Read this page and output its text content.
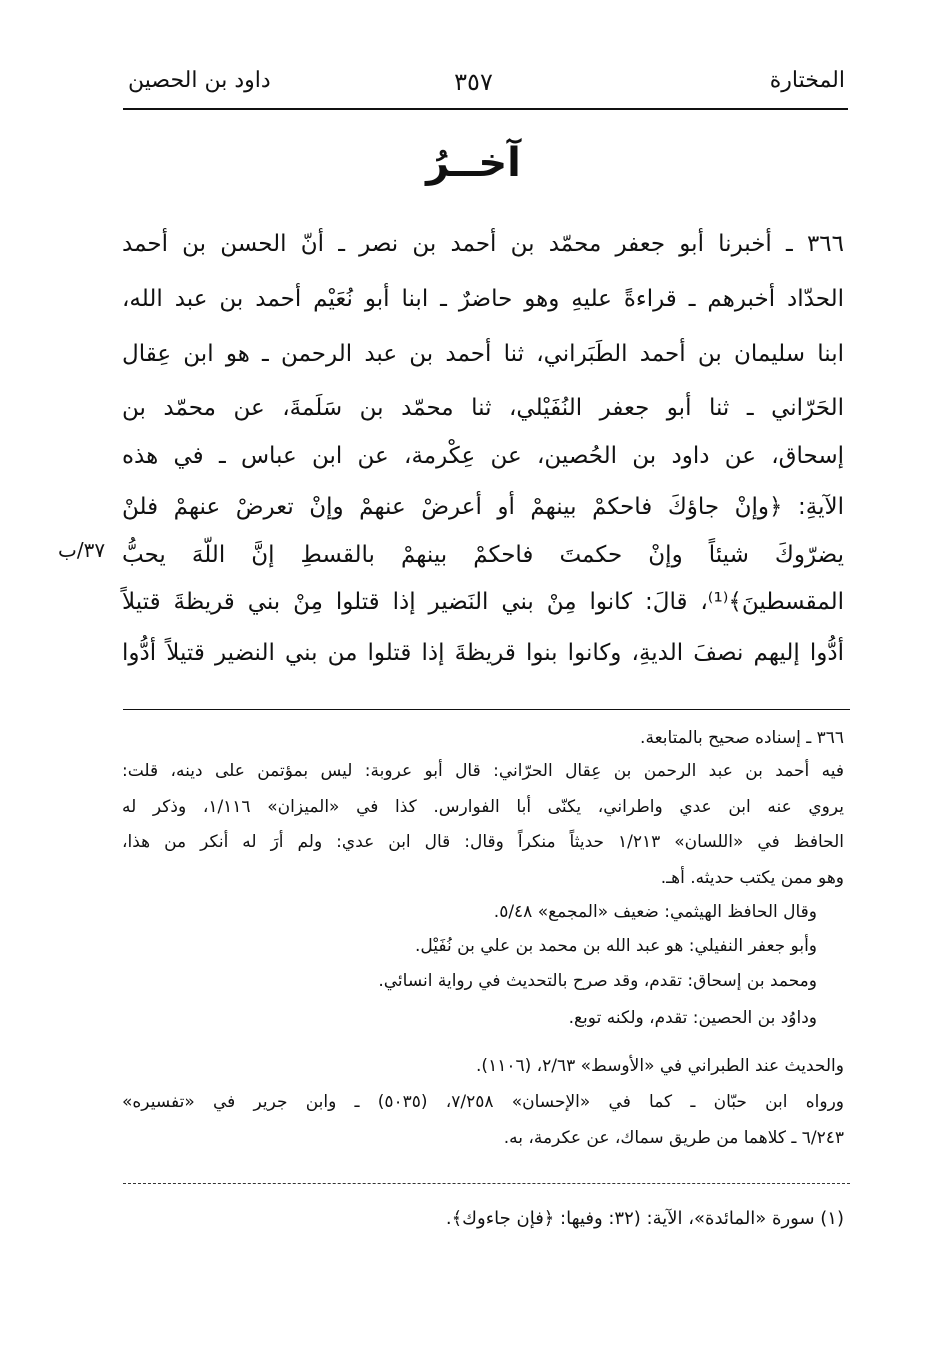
المختارة
٣٥٧
داود بن الحصين
آخــرُ
٣٦٦ ـ أخبرنا أبو جعفر محمّد بن أحمد بن نصر ـ أنّ الحسن بن أحمد
الحدّاد أخبرهم ـ قراءةً عليهِ وهو حاضرٌ ـ ابنا أبو نُعَيْم أحمد بن عبد الله،
ابنا سليمان بن أحمد الطَبَراني، ثنا أحمد بن عبد الرحمن ـ هو ابن عِقال
الحَرّاني ـ ثنا أبو جعفر النُفَيْلي، ثنا محمّد بن سَلَمةَ، عن محمّد بن
إسحاق، عن داود بن الحُصين، عن عِكْرمة، عن ابن عباس ـ في هذه
الآيةِ: ﴿وإنْ جاؤكَ فاحكمْ بينهمْ أو أعرضْ عنهمْ وإنْ تعرضْ عنهمْ فلنْ
يضرّوكَ شيئاً وإنْ حكمتَ فاحكمْ بينهمْ بالقسطِ إنَّ اللّهَ يحبُّ
المقسطينَ﴾⁽¹⁾، قالَ: كانوا مِنْ بني النَضير إذا قتلوا مِنْ بني قريظةَ قتيلاً
أدُّوا إليهم نصفَ الديةِ، وكانوا بنوا قريظةَ إذا قتلوا من بني النضير قتيلاً أدُّوا
٣٧/ب
٣٦٦ ـ إسناده صحيح بالمتابعة.
فيه أحمد بن عبد الرحمن بن عِقال الحرّاني: قال أبو عروبة: ليس بمؤتمن على دينه، قلت:
يروي عنه ابن عدي واطراني، يكنّى أبا الفوارس. كذا في «الميزان» ١/١١٦، وذكر له
الحافظ في «اللسان» ١/٢١٣ حديثاً منكراً وقال: قال ابن عدي: ولم أرَ له أنكر من هذا،
وهو ممن يكتب حديثه. أهـ.
وقال الحافظ الهيثمي: ضعيف «المجمع» ٥/٤٨.
وأبو جعفر النفيلي: هو عبد الله بن محمد بن علي بن نُفَيْل.
ومحمد بن إسحاق: تقدم، وقد صرح بالتحديث في رواية انسائي.
وداوُد بن الحصين: تقدم، ولكنه توبع.
والحديث عند الطبراني في «الأوسط» ٢/٦٣، (١١٠٦).
ورواه ابن حبّان ـ كما في «الإحسان» ٧/٢٥٨، (٥٠٣٥) ـ وابن جرير في «تفسيره»
٦/٢٤٣ ـ كلاهما من طريق سماك، عن عكرمة، به.
(١) سورة «المائدة»، الآية: (٣٢: وفيها: ﴿فإن جاءوك﴾.
